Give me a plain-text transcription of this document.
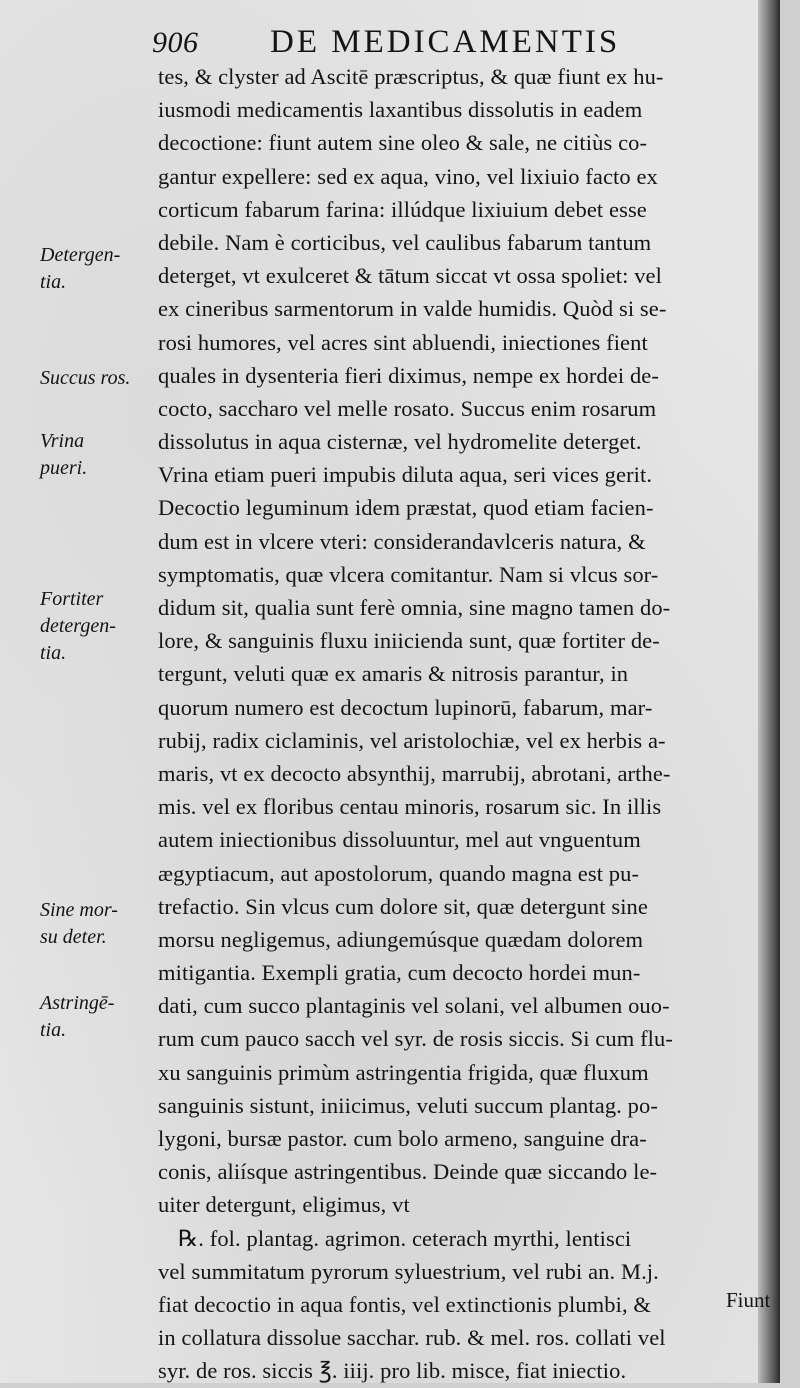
906 DE MEDICAMENTIS
Detergen-
tia.
Succus ros.
Vrina
pueri.
Fortiter
detergen-
tia.
Sine mor-
su deter.
Astringē-
tia.
tes, & clyster ad Ascitē præscriptus, & quæ fiunt ex hu-
iusmodi medicamentis laxantibus dissolutis in eadem
decoctione: fiunt autem sine oleo & sale, ne citiùs co-
gantur expellere: sed ex aqua, vino, vel lixiuio facto ex
corticum fabarum farina: illúdque lixiuium debet esse
debile. Nam è corticibus, vel caulibus fabarum tantum
deterget, vt exulceret & tātum siccat vt ossa spoliet: vel
ex cineribus sarmentorum in valde humidis. Quòd si se-
rosi humores, vel acres sint abluendi, iniectiones fient
quales in dysenteria fieri diximus, nempe ex hordei de-
cocto, saccharo vel melle rosato. Succus enim rosarum
dissolutus in aqua cisternæ, vel hydromelite deterget.
Vrina etiam pueri impubis diluta aqua, seri vices gerit.
Decoctio leguminum idem præstat, quod etiam facien-
dum est in vlcere vteri: considerandavlceris natura, &
symptomatis, quæ vlcera comitantur. Nam si vlcus sor-
didum sit, qualia sunt ferè omnia, sine magno tamen do-
lore, & sanguinis fluxu iniicienda sunt, quæ fortiter de-
tergunt, veluti quæ ex amaris & nitrosis parantur, in
quorum numero est decoctum lupinorū, fabarum, mar-
rubij, radix ciclaminis, vel aristolochiæ, vel ex herbis a-
maris, vt ex decocto absynthij, marrubij, abrotani, arthe-
mis. vel ex floribus centau minoris, rosarum sic. In illis
autem iniectionibus dissoluuntur, mel aut vnguentum
ægyptiacum, aut apostolorum, quando magna est pu-
trefactio. Sin vlcus cum dolore sit, quæ detergunt sine
morsu negligemus, adiungemúsque quædam dolorem
mitigantia. Exempli gratia, cum decocto hordei mun-
dati, cum succo plantaginis vel solani, vel albumen ouo-
rum cum pauco sacch vel syr. de rosis siccis. Si cum flu-
xu sanguinis primùm astringentia frigida, quæ fluxum
sanguinis sistunt, iniicimus, veluti succum plantag. po-
lygoni, bursæ pastor. cum bolo armeno, sanguine dra-
conis, aliísque astringentibus. Deinde quæ siccando le-
uiter detergunt, eligimus, vt
℞. fol. plantag. agrimon. ceterach myrthi, lentisci
vel summitatum pyrorum syluestrium, vel rubi an. M.j.
fiat decoctio in aqua fontis, vel extinctionis plumbi, &
in collatura dissolue sacchar. rub. & mel. ros. collati vel
syr. de ros. siccis ℥. iiij. pro lib. misce, fiat iniectio.
Fiunt
